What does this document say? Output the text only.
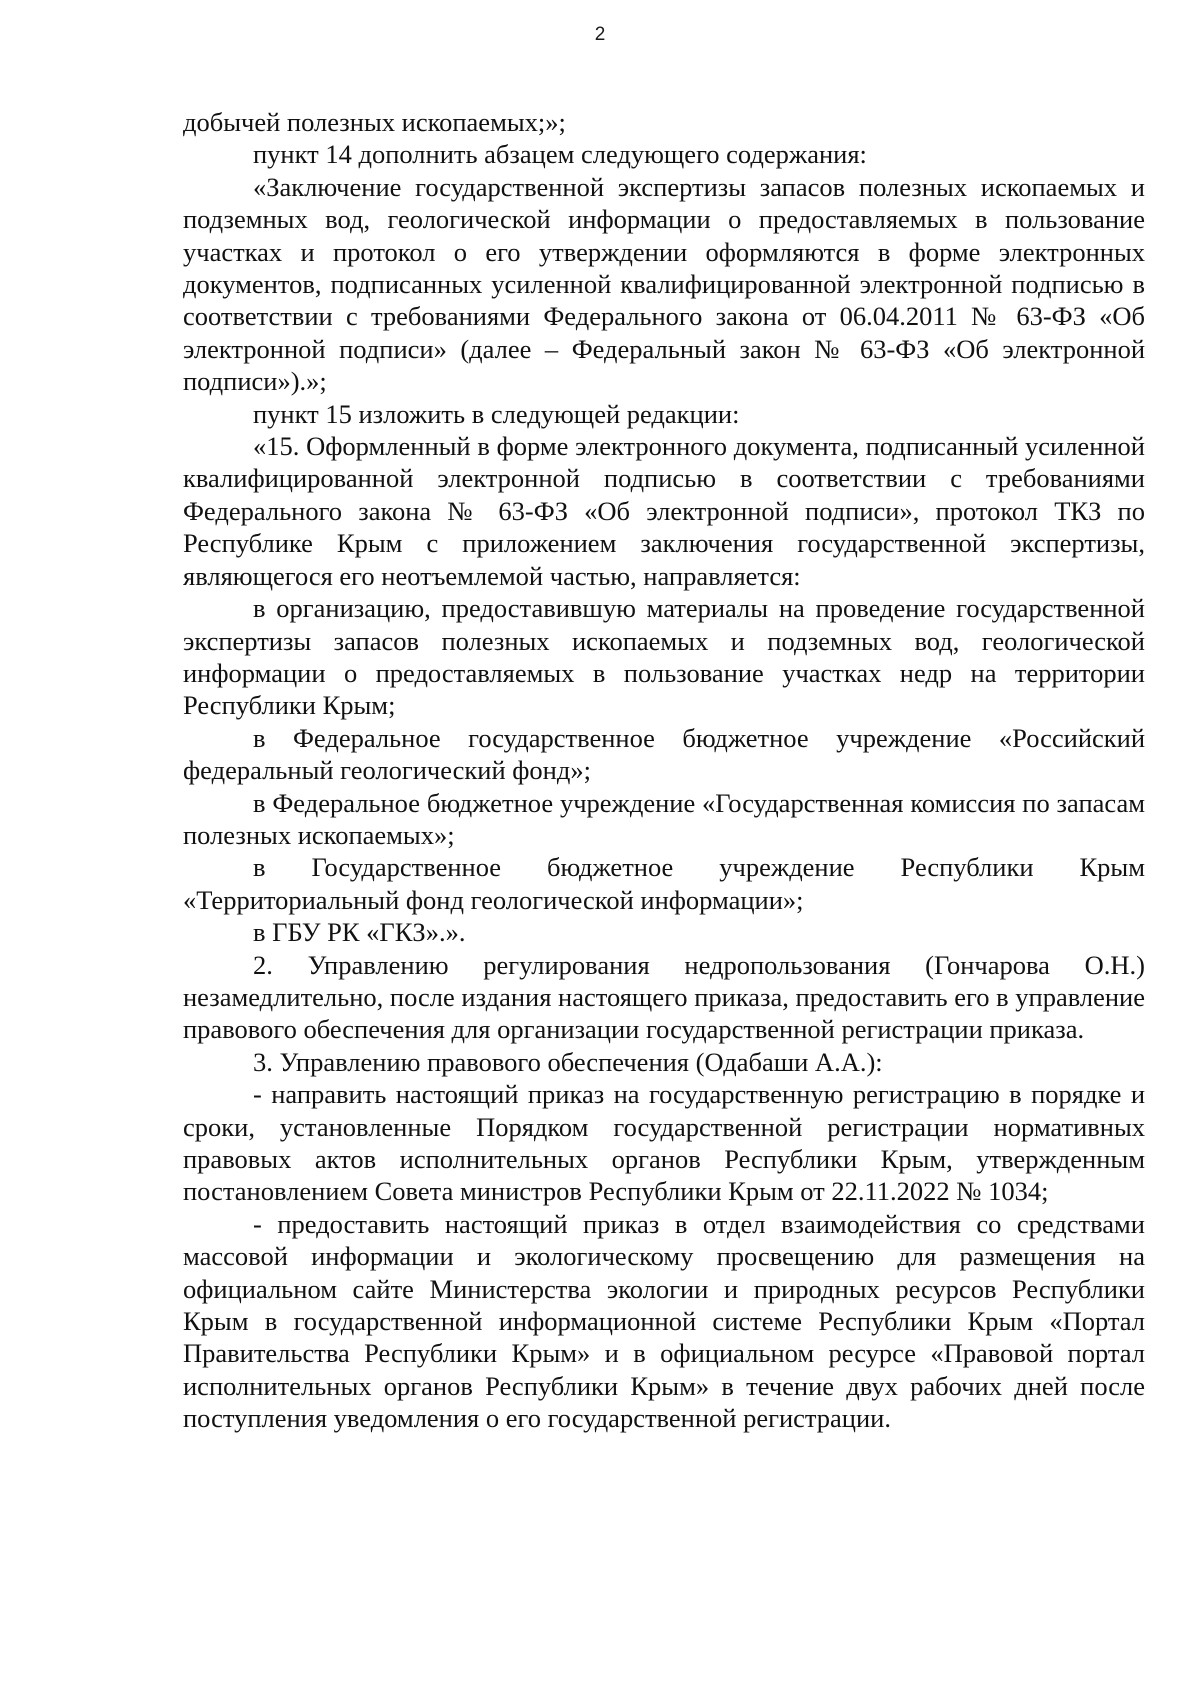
2

добычей полезных ископаемых;»;

пункт 14 дополнить абзацем следующего содержания:

«Заключение государственной экспертизы запасов полезных ископаемых и подземных вод, геологической информации о предоставляемых в пользование участках и протокол о его утверждении оформляются в форме электронных документов, подписанных усиленной квалифицированной электронной подписью в соответствии с требованиями Федерального закона от 06.04.2011 № 63-ФЗ «Об электронной подписи» (далее – Федеральный закон № 63-ФЗ «Об электронной подписи»).»;

пункт 15 изложить в следующей редакции:

«15. Оформленный в форме электронного документа, подписанный усиленной квалифицированной электронной подписью в соответствии с требованиями Федерального закона № 63-ФЗ «Об электронной подписи», протокол ТКЗ по Республике Крым с приложением заключения государственной экспертизы, являющегося его неотъемлемой частью, направляется:

в организацию, предоставившую материалы на проведение государственной экспертизы запасов полезных ископаемых и подземных вод, геологической информации о предоставляемых в пользование участках недр на территории Республики Крым;

в Федеральное государственное бюджетное учреждение «Российский федеральный геологический фонд»;

в Федеральное бюджетное учреждение «Государственная комиссия по запасам полезных ископаемых»;

в Государственное бюджетное учреждение Республики Крым «Территориальный фонд геологической информации»;

в ГБУ РК «ГКЗ».».

2. Управлению регулирования недропользования (Гончарова О.Н.) незамедлительно, после издания настоящего приказа, предоставить его в управление правового обеспечения для организации государственной регистрации приказа.

3. Управлению правового обеспечения (Одабаши А.А.):

- направить настоящий приказ на государственную регистрацию в порядке и сроки, установленные Порядком государственной регистрации нормативных правовых актов исполнительных органов Республики Крым, утвержденным постановлением Совета министров Республики Крым от 22.11.2022 № 1034;

- предоставить настоящий приказ в отдел взаимодействия со средствами массовой информации и экологическому просвещению для размещения на официальном сайте Министерства экологии и природных ресурсов Республики Крым в государственной информационной системе Республики Крым «Портал Правительства Республики Крым» и в официальном ресурсе «Правовой портал исполнительных органов Республики Крым» в течение двух рабочих дней после поступления уведомления о его государственной регистрации.
